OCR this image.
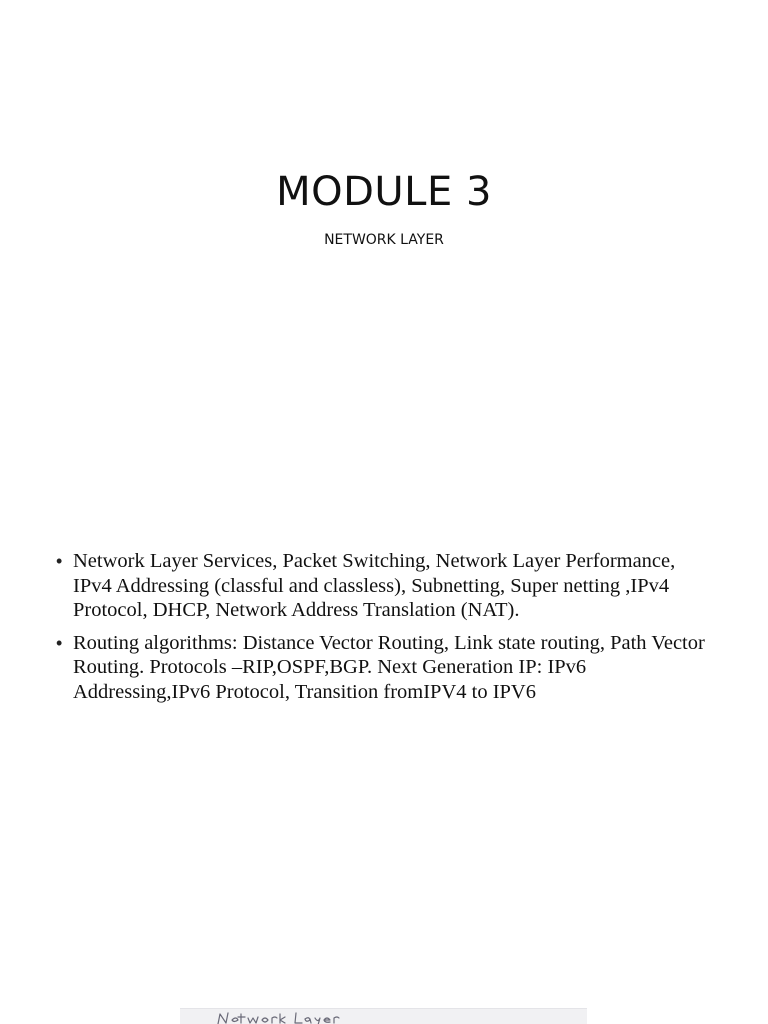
MODULE 3
NETWORK LAYER
• Network Layer Services, Packet Switching, Network Layer Performance, IPv4 Addressing (classful and classless), Subnetting, Super netting ,IPv4 Protocol, DHCP, Network Address Translation (NAT).
• Routing algorithms: Distance Vector Routing, Link state routing, Path Vector Routing. Protocols –RIP,OSPF,BGP. Next Generation IP: IPv6 Addressing,IPv6 Protocol, Transition fromIPV4 to IPV6
